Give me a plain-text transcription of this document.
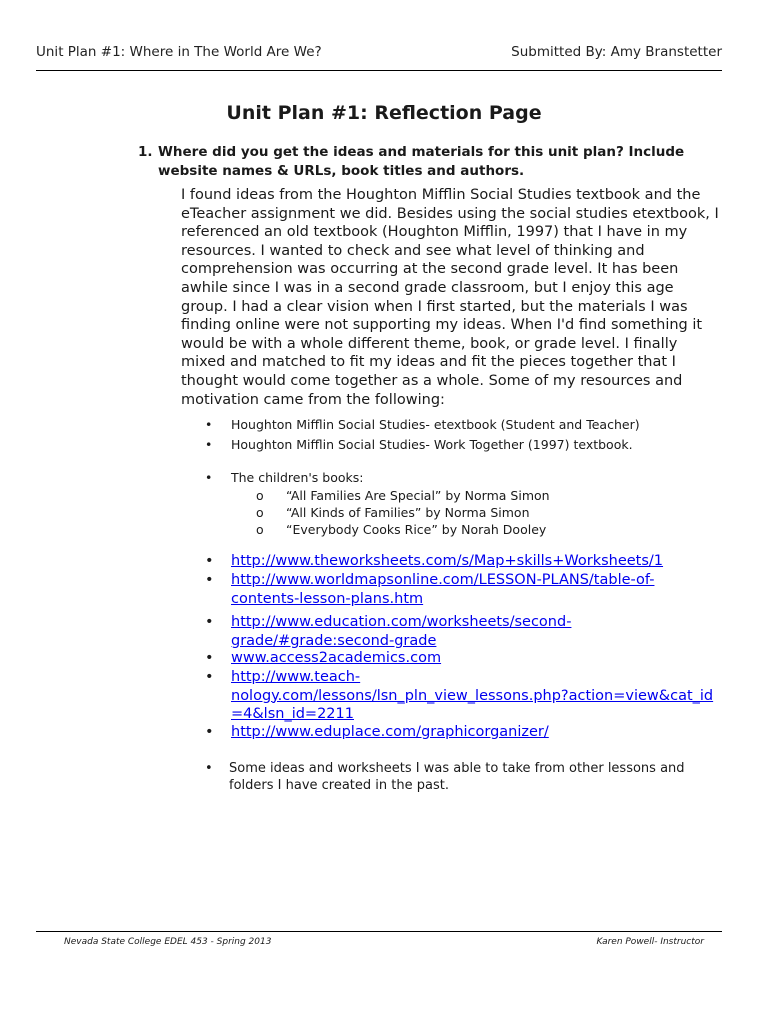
Unit Plan #1: Where in The World Are We?	Submitted By: Amy Branstetter
Unit Plan #1: Reflection Page
1. Where did you get the ideas and materials for this unit plan? Include website names & URLs, book titles and authors.
I found ideas from the Houghton Mifflin Social Studies textbook and the
eTeacher assignment we did. Besides using the social studies etextbook, I
referenced an old textbook (Houghton Mifflin, 1997) that I have in my
resources. I wanted to check and see what level of thinking and
comprehension was occurring at the second grade level. It has been
awhile since I was in a second grade classroom, but I enjoy this age
group. I had a clear vision when I first started, but the materials I was
finding online were not supporting my ideas. When I'd find something it
would be with a whole different theme, book, or grade level. I finally
mixed and matched to fit my ideas and fit the pieces together that I
thought would come together as a whole. Some of my resources and
motivation came from the following:
• Houghton Mifflin Social Studies- etextbook (Student and Teacher)
• Houghton Mifflin Social Studies- Work Together (1997) textbook.
• The children's books:
o “All Families Are Special” by Norma Simon
o “All Kinds of Families” by Norma Simon
o “Everybody Cooks Rice” by Norah Dooley
• http://www.theworksheets.com/s/Map+skills+Worksheets/1
• http://www.worldmapsonline.com/LESSON-PLANS/table-of-
contents-lesson-plans.htm
• http://www.education.com/worksheets/second-
grade/#grade:second-grade
• www.access2academics.com
• http://www.teach-
nology.com/lessons/lsn_pln_view_lessons.php?action=view&cat_id
=4&lsn_id=2211
• http://www.eduplace.com/graphicorganizer/
• Some ideas and worksheets I was able to take from other lessons and folders I have created in the past.
Nevada State College EDEL 453 - Spring 2013	Karen Powell- Instructor
